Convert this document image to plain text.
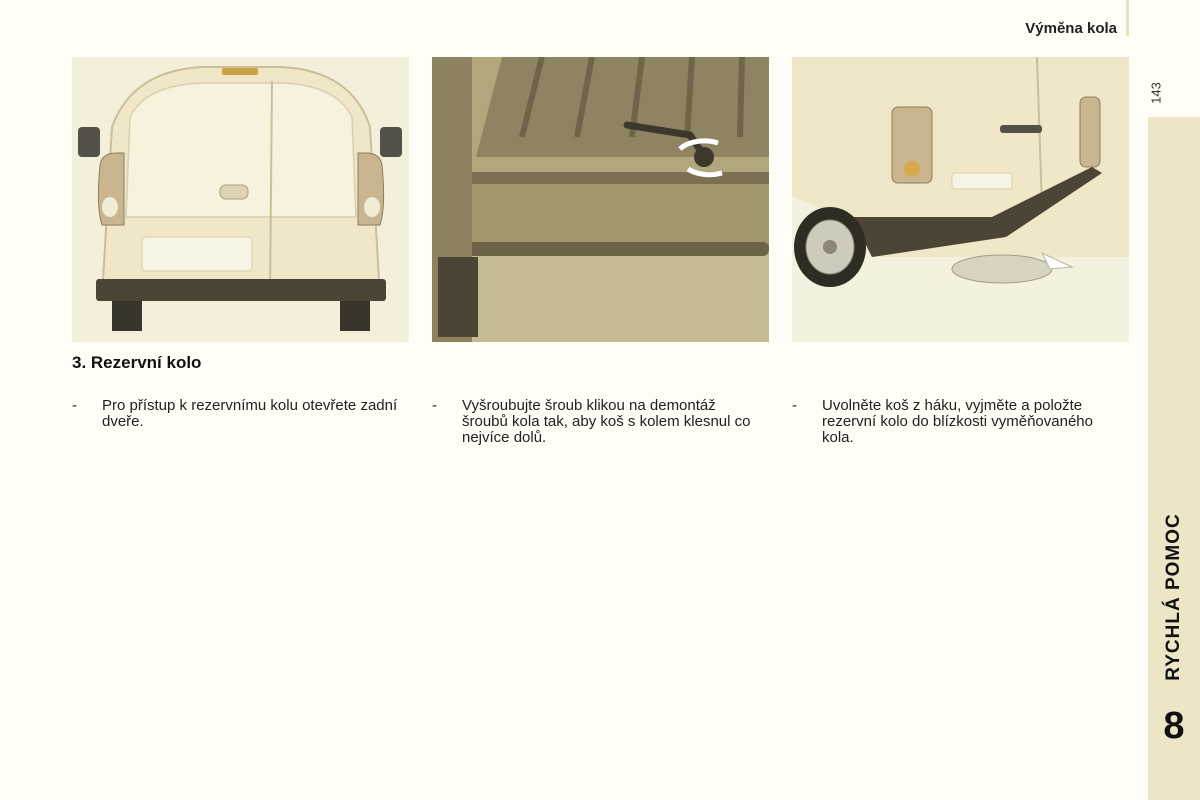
Výměna kola
143
RYCHLÁ POMOC
8
3. Rezervní kolo
- Pro přístup k rezervnímu kolu otevřete zadní dveře.
- Vyšroubujte šroub klikou na demontáž šroubů kola tak, aby koš s kolem klesnul co nejvíce dolů.
- Uvolněte koš z háku, vyjměte a položte rezervní kolo do blízkosti vyměňovaného kola.
